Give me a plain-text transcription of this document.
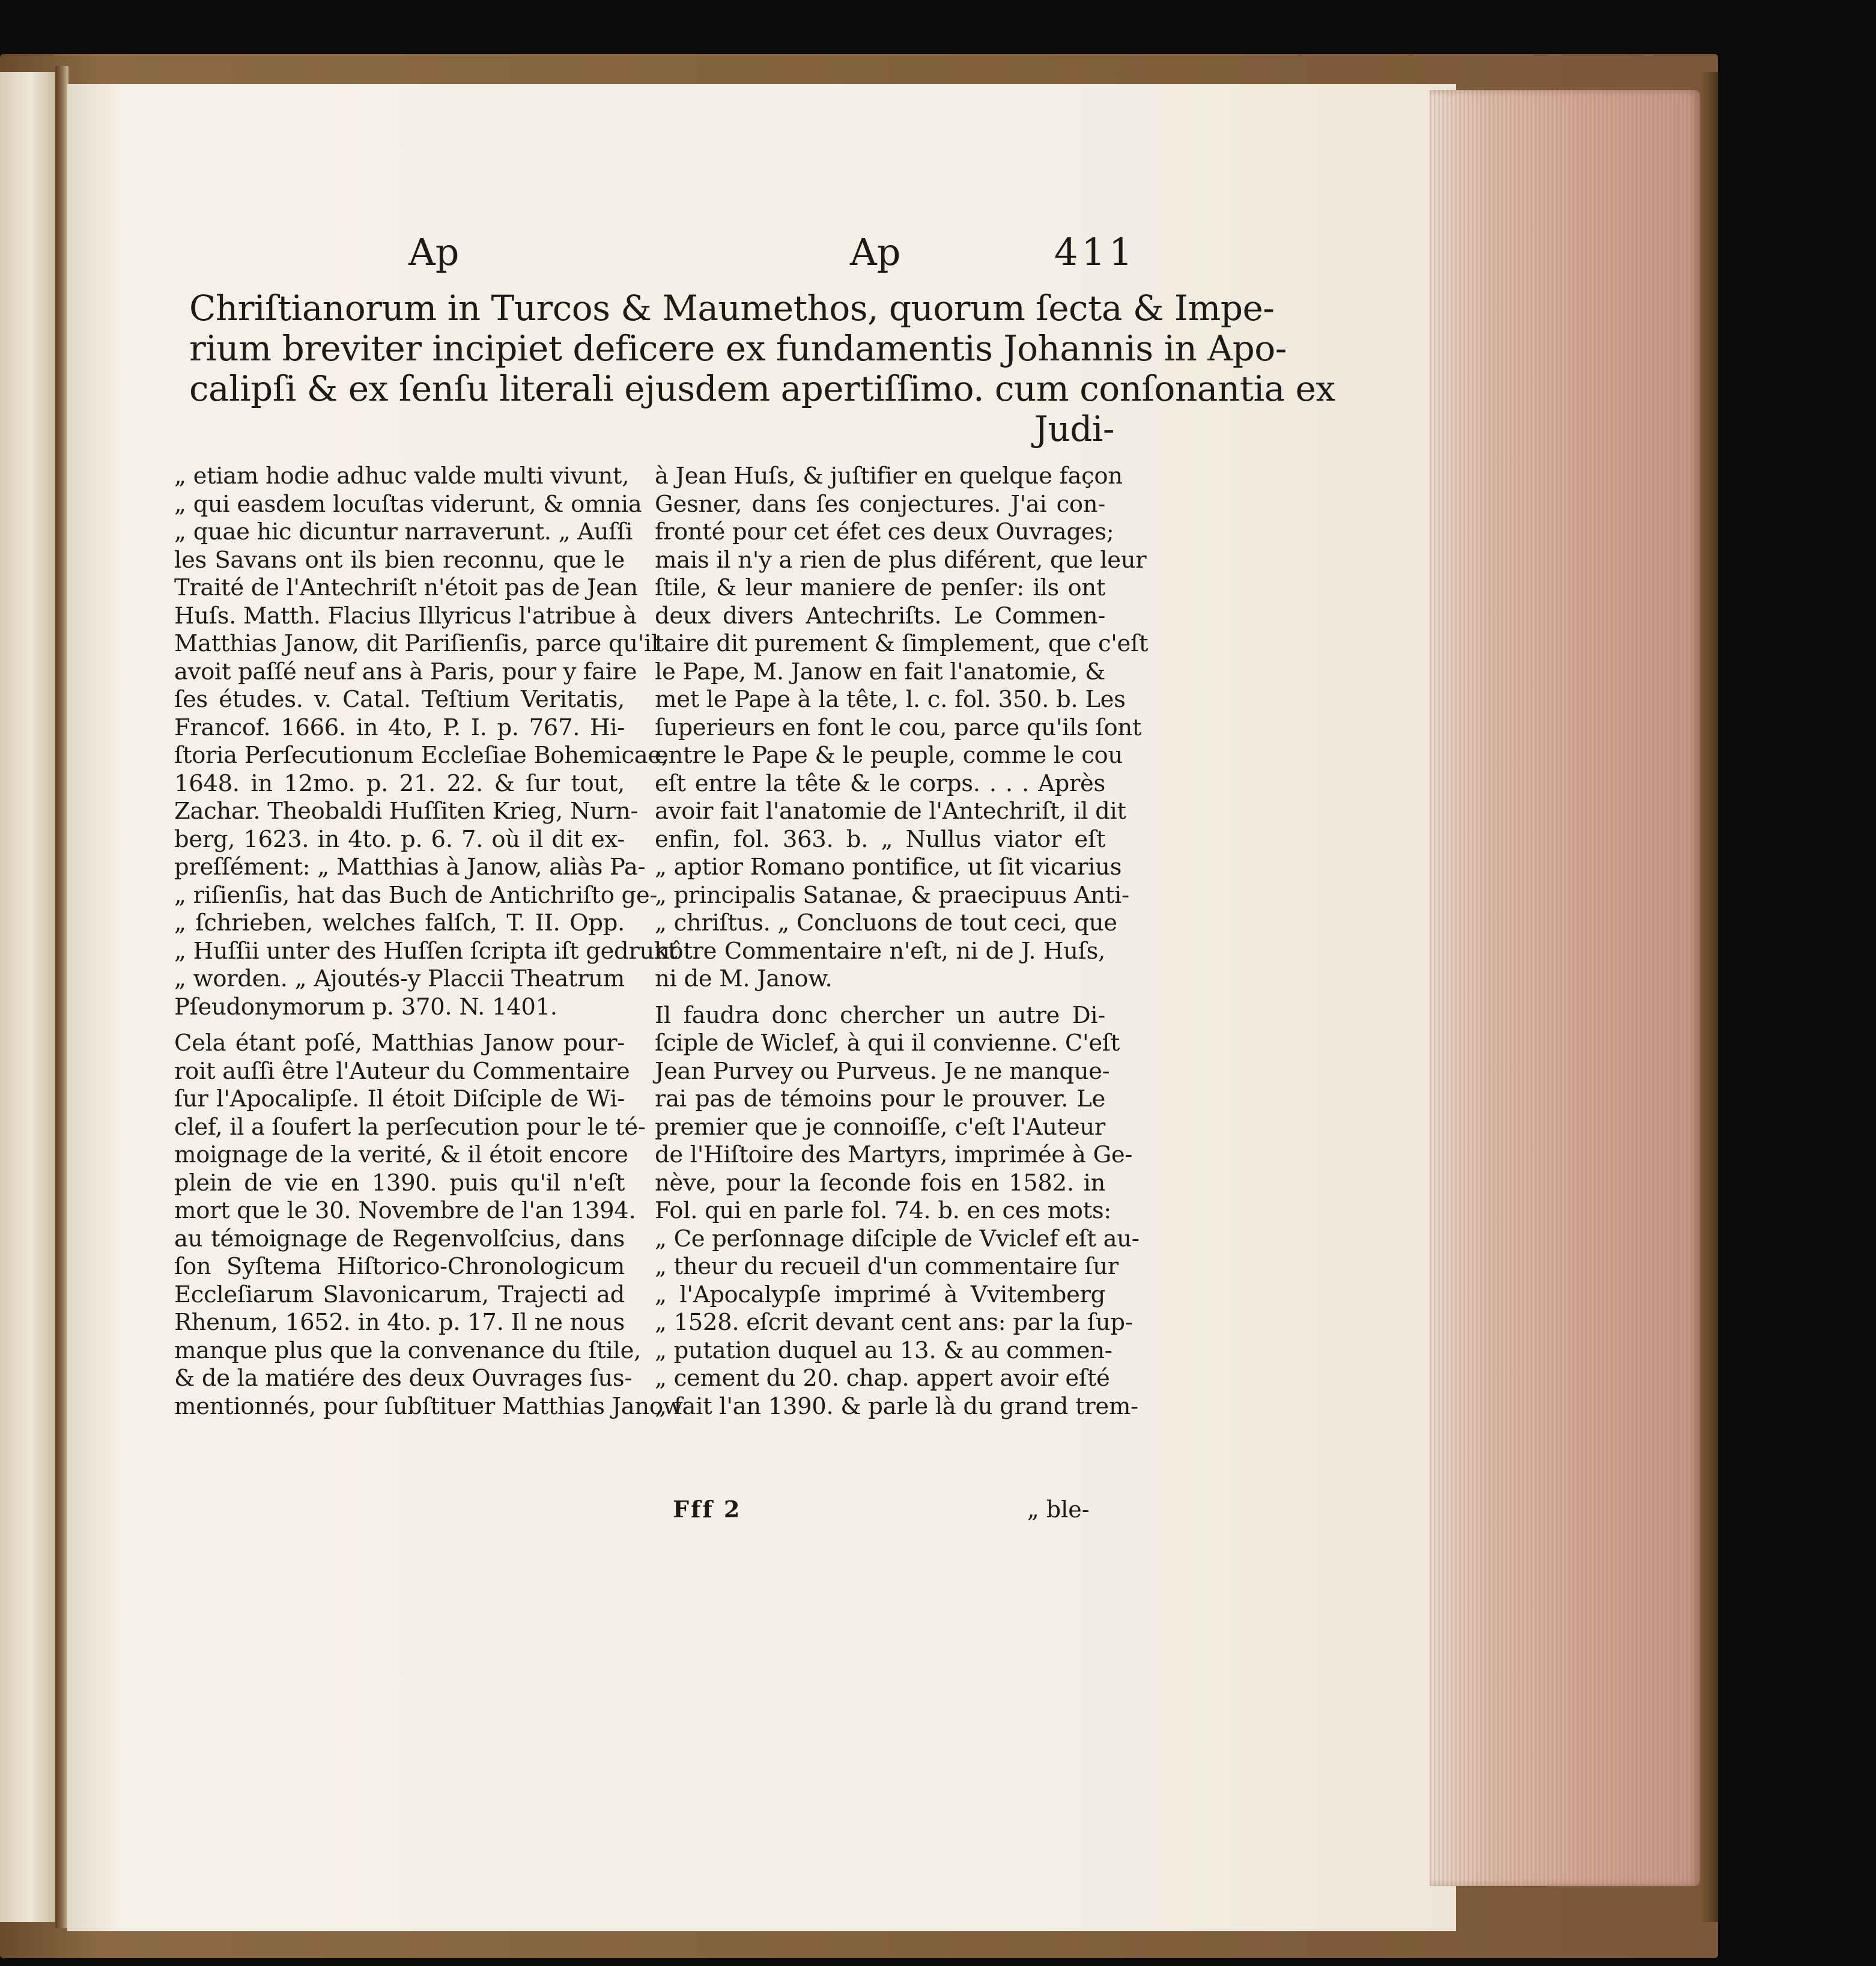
Ap	Ap	411
Chriſtianorum in Turcos & Maumethos, quorum ſecta & Impe-
rium breviter incipiet deficere ex fundamentis Johannis in Apo-
calipſi & ex ſenſu literali ejusdem apertiſſimo. cum conſonantia ex
Judi-
„ etiam hodie adhuc valde multi vivunt,
„ qui easdem locuſtas viderunt, & omnia
„ quae hic dicuntur narraverunt. „ Auſſi
les Savans ont ils bien reconnu, que le
Traité de l'Antechriſt n'étoit pas de Jean
Huſs. Matth. Flacius Illyricus l'atribue à
Matthias Janow, dit Pariſienſis, parce qu'il
avoit paſſé neuf ans à Paris, pour y faire
ſes études. v. Catal. Teſtium Veritatis,
Francof. 1666. in 4to, P. I. p. 767. Hi-
ſtoria Perſecutionum Eccleſiae Bohemicae,
1648. in 12mo. p. 21. 22. & ſur tout,
Zachar. Theobaldi Huſſiten Krieg, Nurn-
berg, 1623. in 4to. p. 6. 7. où il dit ex-
preſſément: „ Matthias à Janow, aliàs Pa-
„ riſienſis, hat das Buch de Antichriſto ge-
„ ſchrieben, welches falſch, T. II. Opp.
„ Huſſii unter des Huſſen ſcripta iſt gedrukt
„ worden. „ Ajoutés-y Placcii Theatrum
Pſeudonymorum p. 370. N. 1401.
Cela étant poſé, Matthias Janow pour-
roit auſſi être l'Auteur du Commentaire
ſur l'Apocalipſe. Il étoit Diſciple de Wi-
clef, il a ſoufert la perſecution pour le té-
moignage de la verité, & il étoit encore
plein de vie en 1390. puis qu'il n'eſt
mort que le 30. Novembre de l'an 1394.
au témoignage de Regenvolſcius, dans
ſon Syſtema Hiſtorico-Chronologicum
Eccleſiarum Slavonicarum, Trajecti ad
Rhenum, 1652. in 4to. p. 17. Il ne nous
manque plus que la convenance du ſtile,
& de la matiére des deux Ouvrages ſus-
mentionnés, pour ſubſtituer Matthias Janow
à Jean Huſs, & juſtifier en quelque façon
Gesner, dans ſes conjectures. J'ai con-
fronté pour cet éfet ces deux Ouvrages;
mais il n'y a rien de plus diférent, que leur
ſtile, & leur maniere de penſer: ils ont
deux divers Antechriſts. Le Commen-
taire dit purement & ſimplement, que c'eſt
le Pape, M. Janow en fait l'anatomie, &
met le Pape à la tête, l. c. fol. 350. b. Les
ſuperieurs en font le cou, parce qu'ils ſont
entre le Pape & le peuple, comme le cou
eſt entre la tête & le corps. . . . Après
avoir fait l'anatomie de l'Antechriſt, il dit
enfin, fol. 363. b. „ Nullus viator eſt
„ aptior Romano pontifice, ut ſit vicarius
„ principalis Satanae, & praecipuus Anti-
„ chriſtus. „ Concluons de tout ceci, que
nôtre Commentaire n'eſt, ni de J. Huſs,
ni de M. Janow.
Il faudra donc chercher un autre Di-
ſciple de Wiclef, à qui il convienne. C'eſt
Jean Purvey ou Purveus. Je ne manque-
rai pas de témoins pour le prouver. Le
premier que je connoiſſe, c'eſt l'Auteur
de l'Hiſtoire des Martyrs, imprimée à Ge-
nève, pour la ſeconde fois en 1582. in
Fol. qui en parle fol. 74. b. en ces mots:
„ Ce perſonnage diſciple de Vviclef eſt au-
„ theur du recueil d'un commentaire ſur
„ l'Apocalypſe imprimé à Vvitemberg
„ 1528. eſcrit devant cent ans: par la ſup-
„ putation duquel au 13. & au commen-
„ cement du 20. chap. appert avoir eſté
„ fait l'an 1390. & parle là du grand trem-
Fff 2	„ ble-
